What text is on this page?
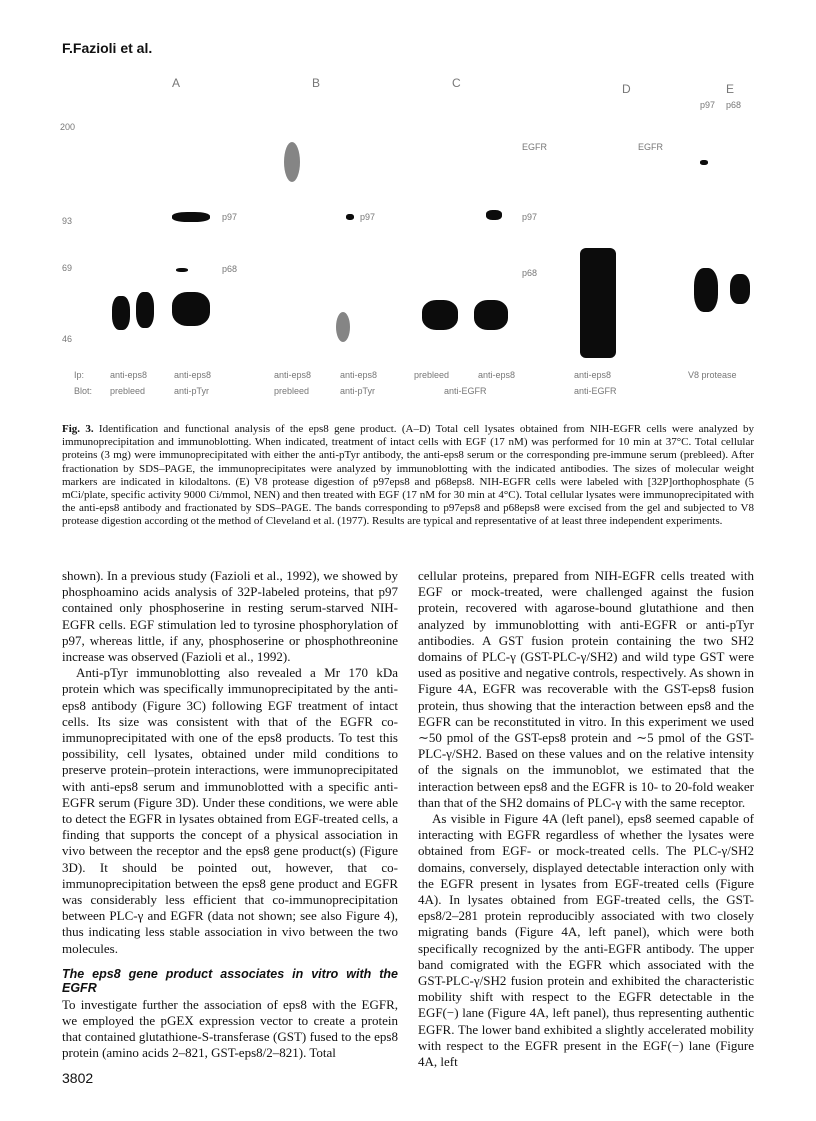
F.Fazioli et al.
A	B	C	D	E
200
93
69
46
p97
p68
p97
EGFR
p97
p68
EGFR
p97 p68
Ip:
Blot:
anti-eps8	anti-eps8	anti-eps8	anti-eps8	prebleed	anti-eps8	anti-eps8	V8 protease
prebleed	anti-pTyr	prebleed	anti-pTyr	anti-EGFR	anti-EGFR
Fig. 3. Identification and functional analysis of the eps8 gene product. (A–D) Total cell lysates obtained from NIH-EGFR cells were analyzed by immunoprecipitation and immunoblotting. When indicated, treatment of intact cells with EGF (17 nM) was performed for 10 min at 37°C. Total cellular proteins (3 mg) were immunoprecipitated with either the anti-pTyr antibody, the anti-eps8 serum or the corresponding pre-immune serum (prebleed). After fractionation by SDS–PAGE, the immunoprecipitates were analyzed by immunoblotting with the indicated antibodies. The sizes of molecular weight markers are indicated in kilodaltons. (E) V8 protease digestion of p97eps8 and p68eps8. NIH-EGFR cells were labeled with [32P]orthophosphate (5 mCi/plate, specific activity 9000 Ci/mmol, NEN) and then treated with EGF (17 nM for 30 min at 4°C). Total cellular lysates were immunoprecipitated with the anti-eps8 antibody and fractionated by SDS–PAGE. The bands corresponding to p97eps8 and p68eps8 were excised from the gel and subjected to V8 protease digestion according ot the method of Cleveland et al. (1977). Results are typical and representative of at least three independent experiments.

shown). In a previous study (Fazioli et al., 1992), we showed by phosphoamino acids analysis of 32P-labeled proteins, that p97 contained only phosphoserine in resting serum-starved NIH-EGFR cells. EGF stimulation led to tyrosine phosphorylation of p97, whereas little, if any, phosphoserine or phosphothreonine increase was observed (Fazioli et al., 1992).

Anti-pTyr immunoblotting also revealed a Mr 170 kDa protein which was specifically immunoprecipitated by the anti-eps8 antibody (Figure 3C) following EGF treatment of intact cells. Its size was consistent with that of the EGFR co-immunoprecipitated with one of the eps8 products. To test this possibility, cell lysates, obtained under mild conditions to preserve protein–protein interactions, were immunoprecipitated with anti-eps8 serum and immunoblotted with a specific anti-EGFR serum (Figure 3D). Under these conditions, we were able to detect the EGFR in lysates obtained from EGF-treated cells, a finding that supports the concept of a physical association in vivo between the receptor and the eps8 gene product(s) (Figure 3D). It should be pointed out, however, that co-immunoprecipitation between the eps8 gene product and EGFR was considerably less efficient that co-immunoprecipitation between PLC-γ and EGFR (data not shown; see also Figure 4), thus indicating less stable association in vivo between the two molecules.

The eps8 gene product associates in vitro with the EGFR

To investigate further the association of eps8 with the EGFR, we employed the pGEX expression vector to create a protein that contained glutathione-S-transferase (GST) fused to the eps8 protein (amino acids 2–821, GST-eps8/2–821). Total

cellular proteins, prepared from NIH-EGFR cells treated with EGF or mock-treated, were challenged against the fusion protein, recovered with agarose-bound glutathione and then analyzed by immunoblotting with anti-EGFR or anti-pTyr antibodies. A GST fusion protein containing the two SH2 domains of PLC-γ (GST-PLC-γ/SH2) and wild type GST were used as positive and negative controls, respectively. As shown in Figure 4A, EGFR was recoverable with the GST-eps8 fusion protein, thus showing that the interaction between eps8 and the EGFR can be reconstituted in vitro. In this experiment we used ∼50 pmol of the GST-eps8 protein and ∼5 pmol of the GST-PLC-γ/SH2. Based on these values and on the relative intensity of the signals on the immunoblot, we estimated that the interaction between eps8 and the EGFR is 10- to 20-fold weaker than that of the SH2 domains of PLC-γ with the same receptor.

As visible in Figure 4A (left panel), eps8 seemed capable of interacting with EGFR regardless of whether the lysates were obtained from EGF- or mock-treated cells. The PLC-γ/SH2 domains, conversely, displayed detectable interaction only with the EGFR present in lysates from EGF-treated cells (Figure 4A). In lysates obtained from EGF-treated cells, the GST-eps8/2–281 protein reproducibly associated with two closely migrating bands (Figure 4A, left panel), which were both specifically recognized by the anti-EGFR antibody. The upper band comigrated with the EGFR which associated with the GST-PLC-γ/SH2 fusion protein and exhibited the characteristic mobility shift with respect to the EGFR detectable in the EGF(−) lane (Figure 4A, left panel), thus representing authentic EGFR. The lower band exhibited a slightly accelerated mobility with respect to the EGFR present in the EGF(−) lane (Figure 4A, left

3802
